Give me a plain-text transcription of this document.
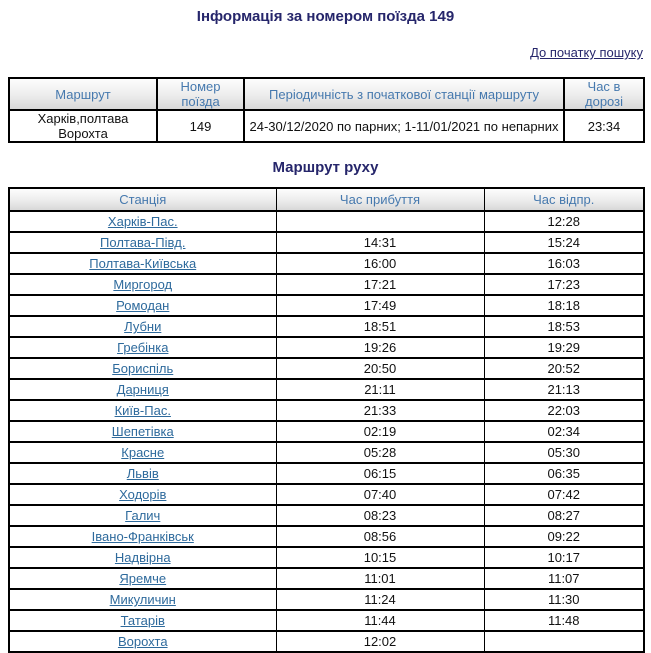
Інформація за номером поїзда 149
До початку пошуку
Маршрут	Номер поїзда	Періодичність з початкової станції маршруту	Час в дорозі
Харків,полтава Ворохта	149	24-30/12/2020 по парних; 1-11/01/2021 по непарних	23:34
Маршрут руху
Станція	Час прибуття	Час відпр.
Харків-Пас.		12:28
Полтава-Півд.	14:31	15:24
Полтава-Київська	16:00	16:03
Миргород	17:21	17:23
Ромодан	17:49	18:18
Лубни	18:51	18:53
Гребінка	19:26	19:29
Бориспіль	20:50	20:52
Дарниця	21:11	21:13
Київ-Пас.	21:33	22:03
Шепетівка	02:19	02:34
Красне	05:28	05:30
Львів	06:15	06:35
Ходорів	07:40	07:42
Галич	08:23	08:27
Івано-Франківськ	08:56	09:22
Надвірна	10:15	10:17
Яремче	11:01	11:07
Микуличин	11:24	11:30
Татарів	11:44	11:48
Ворохта	12:02	
